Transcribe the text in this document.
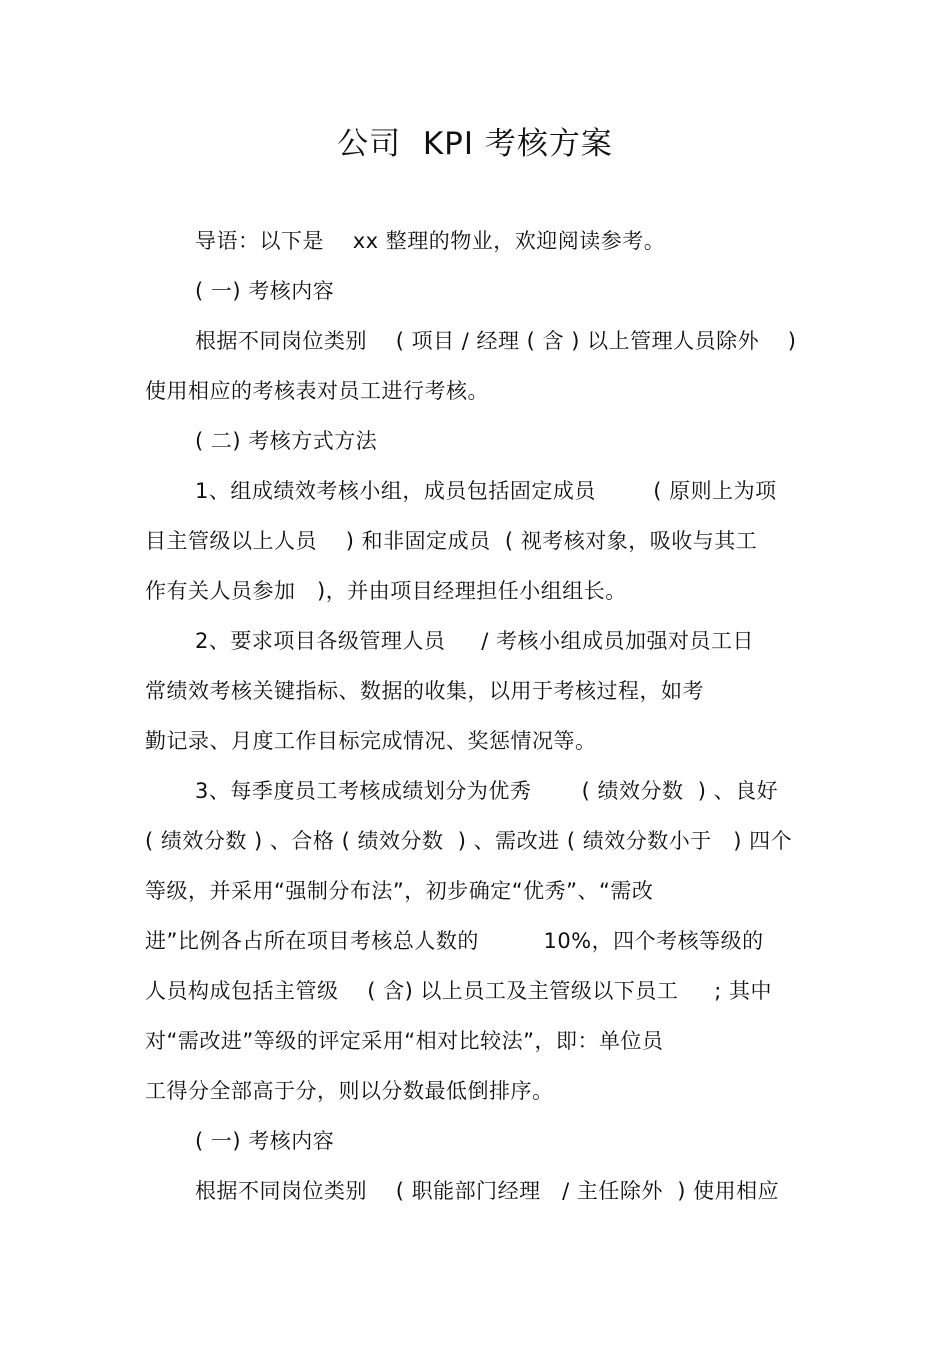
公司  KPI 考核方案
导语：以下是    xx 整理的物业，欢迎阅读参考。
( 一) 考核内容
根据不同岗位类别    ( 项目 / 经理 ( 含 ) 以上管理人员除外    )
使用相应的考核表对员工进行考核。
( 二) 考核方式方法
1、组成绩效考核小组，成员包括固定成员        ( 原则上为项
目主管级以上人员    ) 和非固定成员  ( 视考核对象，吸收与其工
作有关人员参加   )，并由项目经理担任小组组长。
2、要求项目各级管理人员     / 考核小组成员加强对员工日
常绩效考核关键指标、数据的收集，以用于考核过程，如考
勤记录、月度工作目标完成情况、奖惩情况等。
3、每季度员工考核成绩划分为优秀       ( 绩效分数  ) 、良好
( 绩效分数 ) 、合格 ( 绩效分数  ) 、需改进 ( 绩效分数小于   ) 四个
等级，并采用“强制分布法”，初步确定“优秀”、“需改
进”比例各占所在项目考核总人数的         10%，四个考核等级的
人员构成包括主管级    ( 含) 以上员工及主管级以下员工     ; 其中
对“需改进”等级的评定采用“相对比较法”，即：单位员
工得分全部高于分，则以分数最低倒排序。
( 一) 考核内容
根据不同岗位类别    ( 职能部门经理   / 主任除外  ) 使用相应
